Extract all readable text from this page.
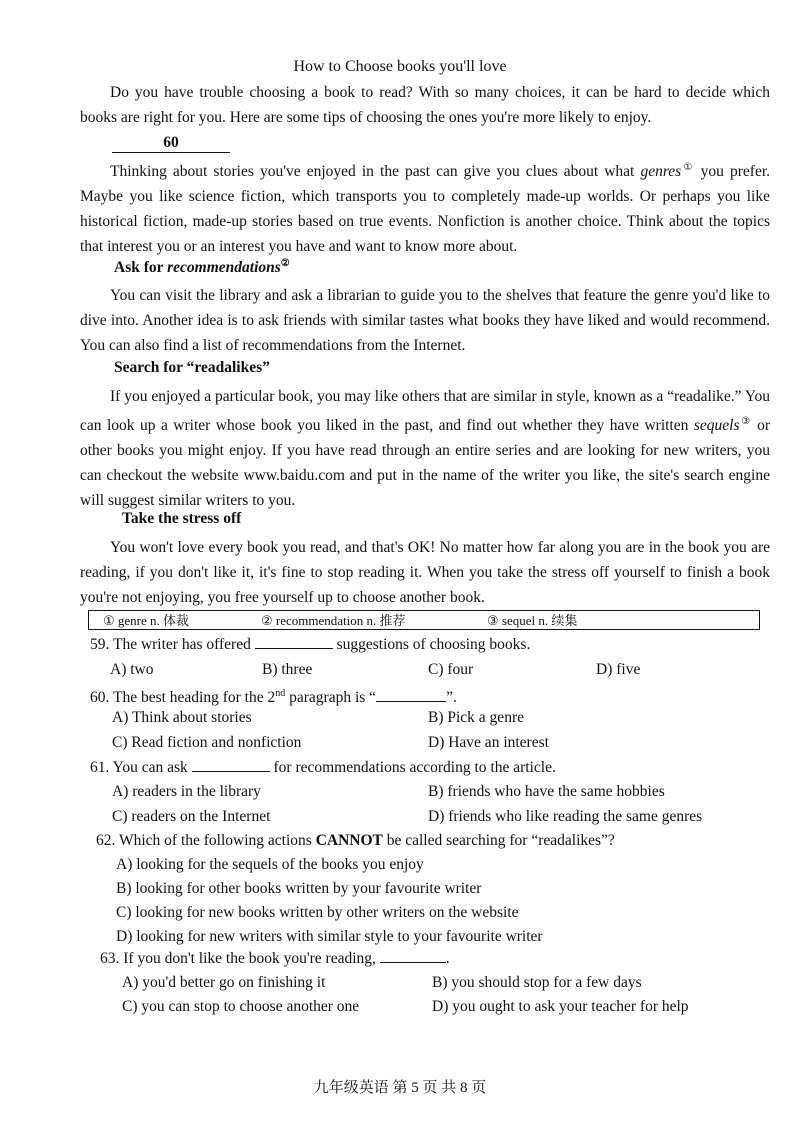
How to Choose books you'll love
Do you have trouble choosing a book to read? With so many choices, it can be hard to decide which books are right for you. Here are some tips of choosing the ones you're more likely to enjoy.
60
Thinking about stories you've enjoyed in the past can give you clues about what genres① you prefer. Maybe you like science fiction, which transports you to completely made-up worlds. Or perhaps you like historical fiction, made-up stories based on true events. Nonfiction is another choice. Think about the topics that interest you or an interest you have and want to know more about.
Ask for recommendations②
You can visit the library and ask a librarian to guide you to the shelves that feature the genre you'd like to dive into. Another idea is to ask friends with similar tastes what books they have liked and would recommend. You can also find a list of recommendations from the Internet.
Search for “readalikes”
If you enjoyed a particular book, you may like others that are similar in style, known as a “readalike.” You can look up a writer whose book you liked in the past, and find out whether they have written sequels③ or other books you might enjoy. If you have read through an entire series and are looking for new writers, you can checkout the website www.baidu.com and put in the name of the writer you like, the site's search engine will suggest similar writers to you.
Take the stress off
You won't love every book you read, and that's OK! No matter how far along you are in the book you are reading, if you don't like it, it's fine to stop reading it. When you take the stress off yourself to finish a book you're not enjoying, you free yourself up to choose another book.
① genre n. 体裁	② recommendation n. 推荐	③ sequel n. 续集
59. The writer has offered	suggestions of choosing books.
A) two	B) three	C) four	D) five
60. The best heading for the 2nd paragraph is “	”.
A) Think about stories	B) Pick a genre
C) Read fiction and nonfiction	D) Have an interest
61. You can ask	for recommendations according to the article.
A) readers in the library	B) friends who have the same hobbies
C) readers on the Internet	D) friends who like reading the same genres
62. Which of the following actions CANNOT be called searching for “readalikes”?
A) looking for the sequels of the books you enjoy
B) looking for other books written by your favourite writer
C) looking for new books written by other writers on the website
D) looking for new writers with similar style to your favourite writer
63. If you don't like the book you're reading,	.
A) you'd better go on finishing it	B) you should stop for a few days
C) you can stop to choose another one	D) you ought to ask your teacher for help
九年级英语 第 5 页 共 8 页
